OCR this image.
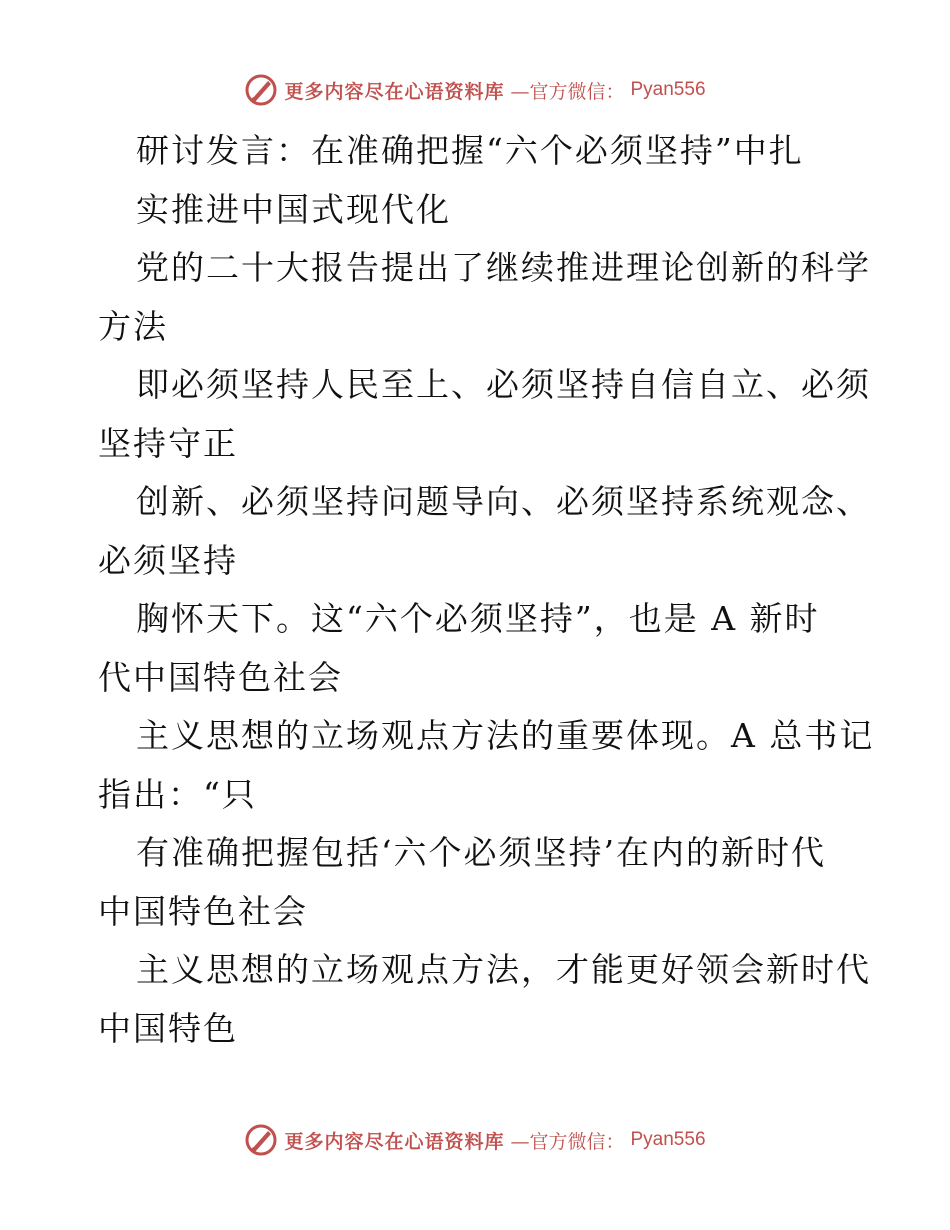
更多内容尽在心语资料库 —官方微信： Pyan556
研讨发言：在准确把握“六个必须坚持”中扎
实推进中国式现代化
党的二十大报告提出了继续推进理论创新的科学
方法
即必须坚持人民至上、必须坚持自信自立、必须
坚持守正
创新、必须坚持问题导向、必须坚持系统观念、
必须坚持
胸怀天下。这“六个必须坚持”，也是 A 新时
代中国特色社会
主义思想的立场观点方法的重要体现。A 总书记
指出：“只
有准确把握包括‘六个必须坚持’在内的新时代
中国特色社会
主义思想的立场观点方法，才能更好领会新时代
中国特色
更多内容尽在心语资料库 —官方微信： Pyan556
